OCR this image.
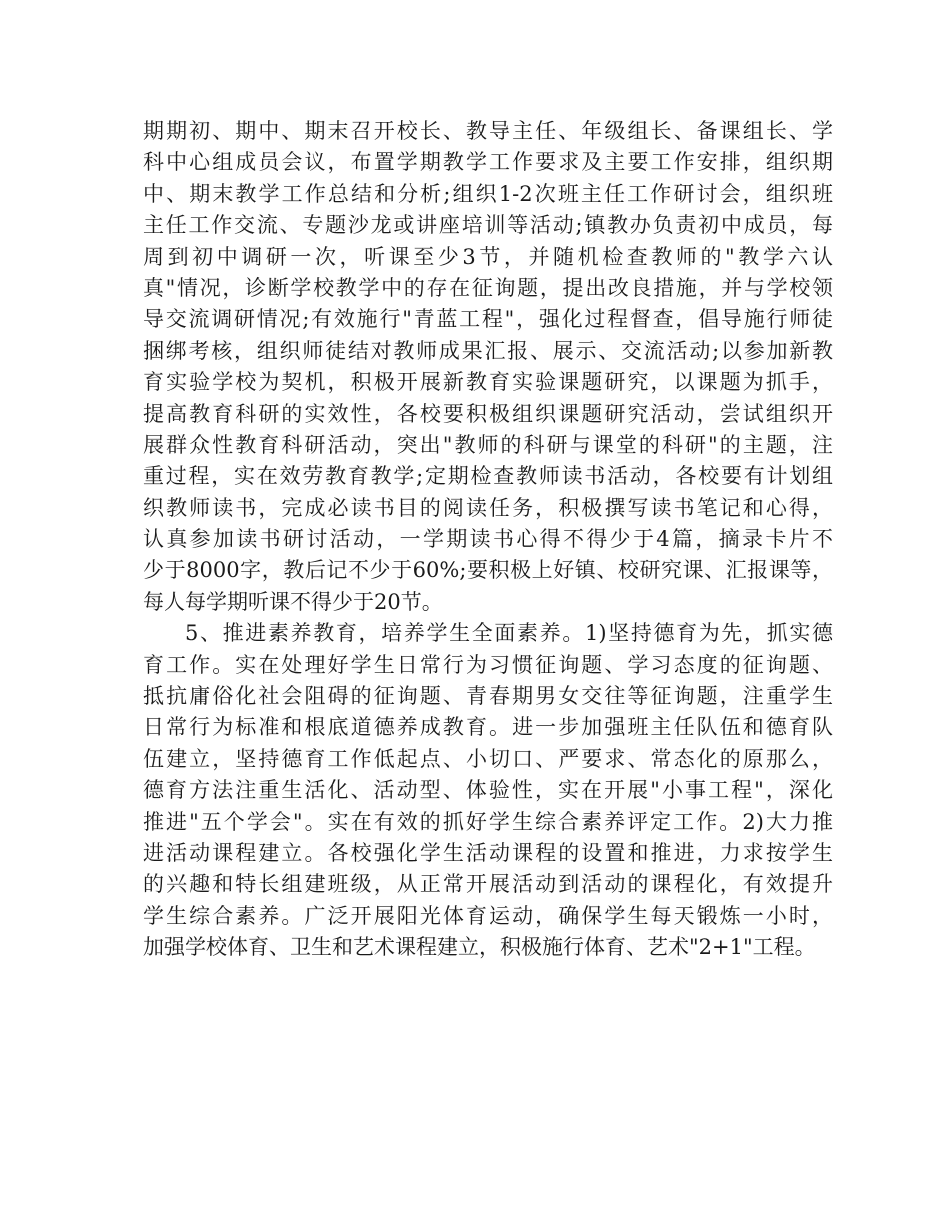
期期初、期中、期末召开校长、教导主任、年级组长、备课组长、学
科中心组成员会议，布置学期教学工作要求及主要工作安排，组织期
中、期末教学工作总结和分析;组织1-2次班主任工作研讨会，组织班
主任工作交流、专题沙龙或讲座培训等活动;镇教办负责初中成员，每
周到初中调研一次，听课至少3节，并随机检查教师的"教学六认
真"情况，诊断学校教学中的存在征询题，提出改良措施，并与学校领
导交流调研情况;有效施行"青蓝工程"，强化过程督查，倡导施行师徒
捆绑考核，组织师徒结对教师成果汇报、展示、交流活动;以参加新教
育实验学校为契机，积极开展新教育实验课题研究，以课题为抓手，
提高教育科研的实效性，各校要积极组织课题研究活动，尝试组织开
展群众性教育科研活动，突出"教师的科研与课堂的科研"的主题，注
重过程，实在效劳教育教学;定期检查教师读书活动，各校要有计划组
织教师读书，完成必读书目的阅读任务，积极撰写读书笔记和心得，
认真参加读书研讨活动，一学期读书心得不得少于4篇，摘录卡片不
少于8000字，教后记不少于60%;要积极上好镇、校研究课、汇报课等，
每人每学期听课不得少于20节。
5、推进素养教育，培养学生全面素养。1)坚持德育为先，抓实德
育工作。实在处理好学生日常行为习惯征询题、学习态度的征询题、
抵抗庸俗化社会阻碍的征询题、青春期男女交往等征询题，注重学生
日常行为标准和根底道德养成教育。进一步加强班主任队伍和德育队
伍建立，坚持德育工作低起点、小切口、严要求、常态化的原那么，
德育方法注重生活化、活动型、体验性，实在开展"小事工程"，深化
推进"五个学会"。实在有效的抓好学生综合素养评定工作。2)大力推
进活动课程建立。各校强化学生活动课程的设置和推进，力求按学生
的兴趣和特长组建班级，从正常开展活动到活动的课程化，有效提升
学生综合素养。广泛开展阳光体育运动，确保学生每天锻炼一小时，
加强学校体育、卫生和艺术课程建立，积极施行体育、艺术"2+1"工程。
